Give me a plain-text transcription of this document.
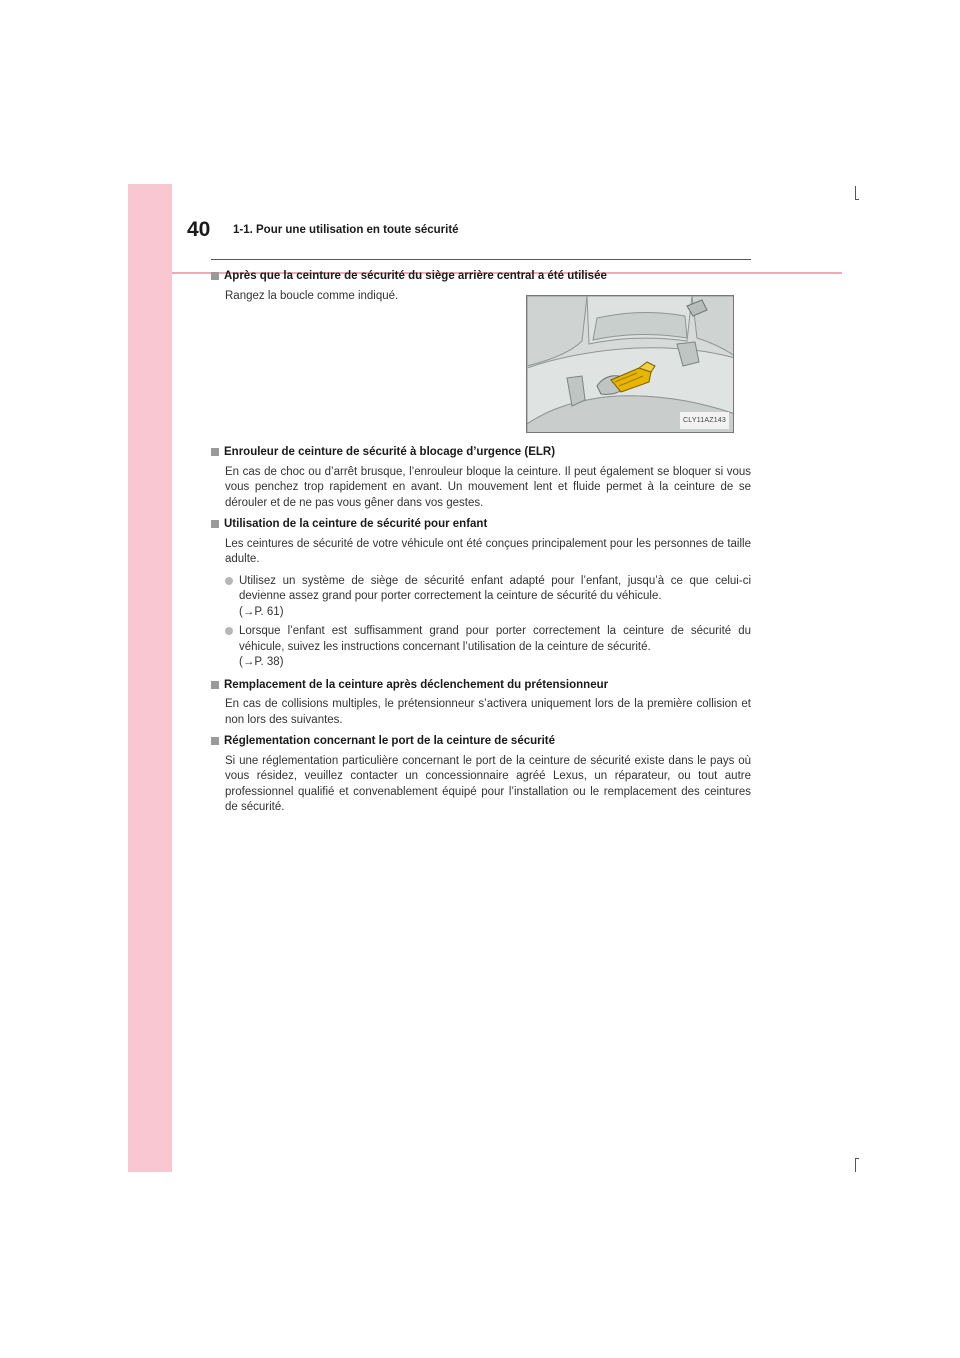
40 1-1. Pour une utilisation en toute sécurité
Après que la ceinture de sécurité du siège arrière central a été utilisée
Rangez la boucle comme indiqué.
CLY11AZ143
Enrouleur de ceinture de sécurité à blocage d’urgence (ELR)
En cas de choc ou d’arrêt brusque, l’enrouleur bloque la ceinture. Il peut également se bloquer si vous vous penchez trop rapidement en avant. Un mouvement lent et fluide permet à la ceinture de se dérouler et de ne pas vous gêner dans vos gestes.
Utilisation de la ceinture de sécurité pour enfant
Les ceintures de sécurité de votre véhicule ont été conçues principalement pour les personnes de taille adulte.
Utilisez un système de siège de sécurité enfant adapté pour l’enfant, jusqu’à ce que celui-ci devienne assez grand pour porter correctement la ceinture de sécurité du véhicule.
(→P. 61)
Lorsque l’enfant est suffisamment grand pour porter correctement la ceinture de sécurité du véhicule, suivez les instructions concernant l’utilisation de la ceinture de sécurité.
(→P. 38)
Remplacement de la ceinture après déclenchement du prétensionneur
En cas de collisions multiples, le prétensionneur s’activera uniquement lors de la première collision et non lors des suivantes.
Réglementation concernant le port de la ceinture de sécurité
Si une réglementation particulière concernant le port de la ceinture de sécurité existe dans le pays où vous résidez, veuillez contacter un concessionnaire agréé Lexus, un réparateur, ou tout autre professionnel qualifié et convenablement équipé pour l’installation ou le remplacement des ceintures de sécurité.
